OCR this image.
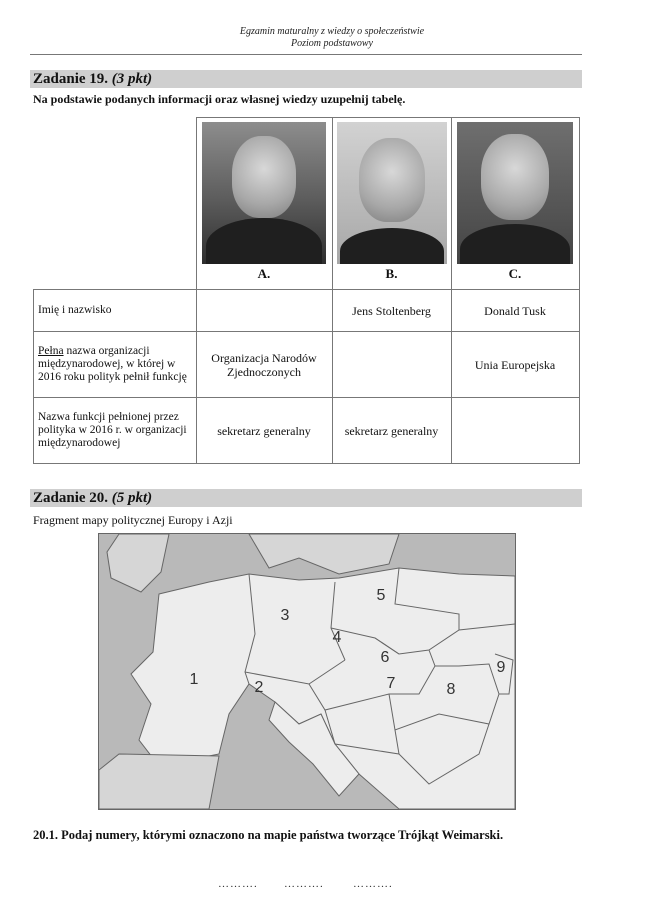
Egzamin maturalny z wiedzy o społeczeństwie
Poziom podstawowy
Zadanie 19. (3 pkt)
Na podstawie podanych informacji oraz własnej wiedzy uzupełnij tabelę.

	A.	B.	C.

Imię i nazwisko		Jens Stoltenberg	Donald Tusk
Pełna nazwa organizacji międzynarodowej, w której w 2016 roku polityk pełnił funkcję	Organizacja Narodów Zjednoczonych		Unia Europejska
Nazwa funkcji pełnionej przez polityka w 2016 r. w organizacji międzynarodowej	sekretarz generalny	sekretarz generalny	
Zadanie 20. (5 pkt)
Fragment mapy politycznej Europy i Azji
1	2
3
4
5
6
7	8
9
20.1. Podaj numery, którymi oznaczono na mapie państwa tworzące Trójkąt Weimarski.
………. ……….	……….
